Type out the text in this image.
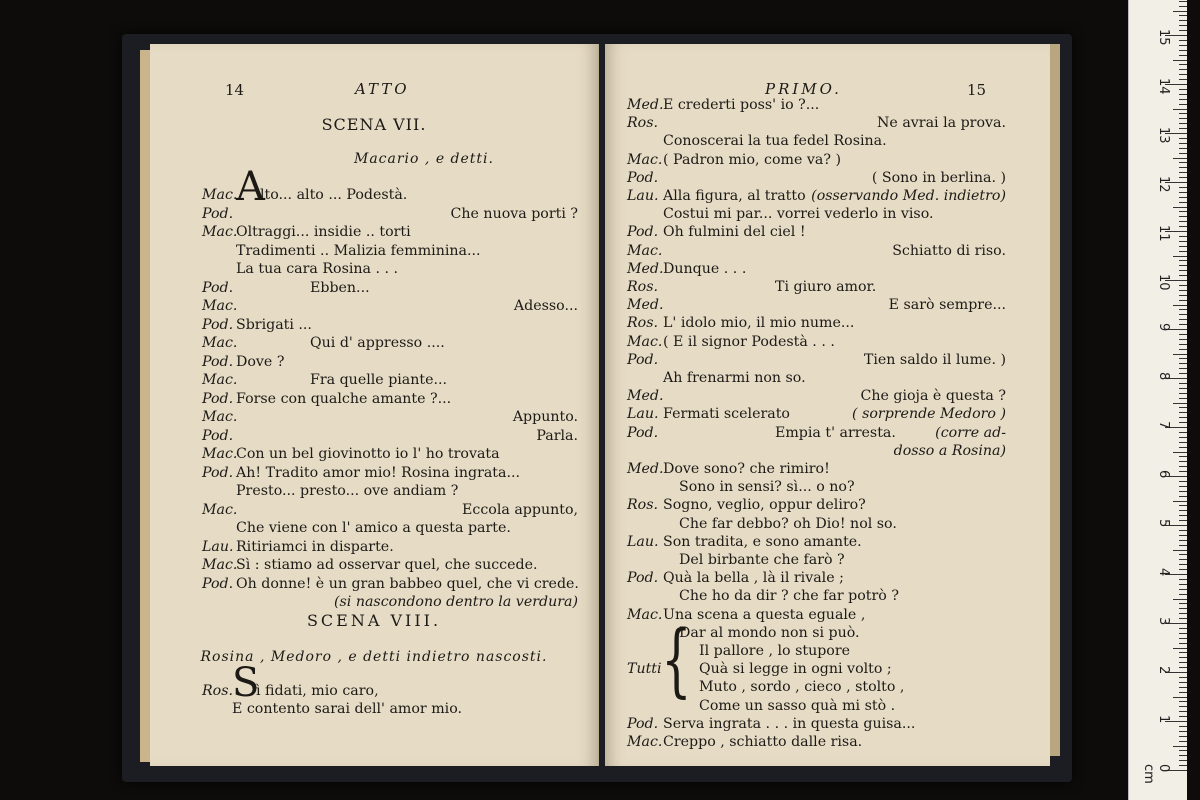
14	ATTO
SCENA VII.
Macario , e detti.
Mac.
A
lto... alto ... Podestà.
Pod.	Che nuova porti ?
Mac.
Oltraggi... insidie .. torti
Tradimenti .. Malizia femminina...
La tua cara Rosina . . .
Pod.	Ebben...
Mac.	Adesso...
Pod. Sbrigati ...
Mac.	Qui d' appresso ....
Pod. Dove ?
Mac.	Fra quelle piante...
Pod. Forse con qualche amante ?...
Mac.	Appunto.
Pod.	Parla.
Mac.
Con un bel giovinotto io l' ho trovata
Pod. Ah! Tradito amor mio! Rosina ingrata...
Presto... presto... ove andiam ?
Mac.	Eccola appunto,
Che viene con l' amico a questa parte.
Lau. Ritiriamci in disparte.
Mac.
Sì : stiamo ad osservar quel, che succede.
Pod. Oh donne! è un gran babbeo quel, che vi crede.
(si nascondono dentro la verdura)
SCENA VIII.
Rosina , Medoro , e detti indietro nascosti.
Ros.
S
ì fidati, mio caro,
E contento sarai dell' amor mio.
PRIMO.	15
{
Med. E crederti poss' io ?...
Ros.	Ne avrai la prova.
Conoscerai la tua fedel Rosina.
Mac. ( Padron mio, come va? )
Pod.	( Sono in berlina. )
Lau. Alla figura, al tratto (osservando Med. indietro)
Costui mi par... vorrei vederlo in viso.
Pod. Oh fulmini del ciel !
Mac.	Schiatto di riso.
Med. Dunque . . .
Ros.	Ti giuro amor.
Med.	E sarò sempre...
Ros. L' idolo mio, il mio nume...
Mac. ( E il signor Podestà . . .
Pod.	Tien saldo il lume. )
Ah frenarmi non so.
Med.	Che gioja è questa ?
Lau. Fermati scelerato	( sorprende Medoro )
Pod.	Empia t' arresta.	(corre ad-
dosso a Rosina)
Med. Dove sono? che rimiro!
Sono in sensi? sì... o no?
Ros. Sogno, veglio, oppur deliro?
Che far debbo? oh Dio! nol so.
Lau. Son tradita, e sono amante.
Del birbante che farò ?
Pod. Quà la bella , là il rivale ;
Che ho da dir ? che far potrò ?
Mac. Una scena a questa eguale ,
Dar al mondo non si può.
Il pallore , lo stupore
Tutti	Quà si legge in ogni volto ;
Muto , sordo , cieco , stolto ,
Come un sasso quà mi stò .
Pod. Serva ingrata . . . in questa guisa...
Mac. Creppo , schiatto dalle risa.
0 cm
1
2
3
4
5
6
7
8
9
10
11
12
13
14
15
